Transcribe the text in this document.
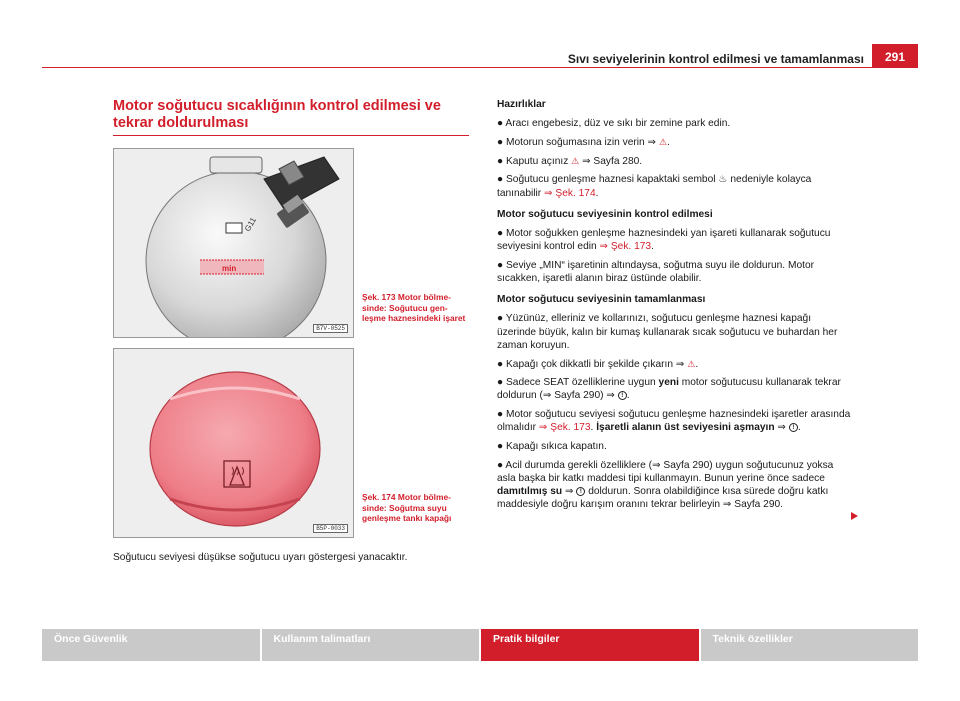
Sıvı seviyelerinin kontrol edilmesi ve tamamlanması	291
Motor soğutucu sıcaklığının kontrol edilmesi ve tekrar doldurulması
G11
min
B7V-0525
Şek. 173 Motor bölme-sinde: Soğutucu gen-leşme haznesindeki işaret
B5P-0033
Şek. 174 Motor bölme-sinde: Soğutma suyu genleşme tankı kapağı
Soğutucu seviyesi düşükse soğutucu uyarı göstergesi yanacaktır.
Hazırlıklar

● Aracı engebesiz, düz ve sıkı bir zemine park edin.

● Motorun soğumasına izin verin ⇒ ⚠.

● Kaputu açınız ⚠ ⇒ Sayfa 280.

● Soğutucu genleşme haznesi kapaktaki sembol ♨ nedeniyle kolayca tanınabilir ⇒ Şek. 174.

Motor soğutucu seviyesinin kontrol edilmesi

● Motor soğukken genleşme haznesindeki yan işareti kullanarak soğutucu seviyesini kontrol edin ⇒ Şek. 173.

● Seviye „MIN“ işaretinin altındaysa, soğutma suyu ile doldurun. Motor sıcakken, işaretli alanın biraz üstünde olabilir.

Motor soğutucu seviyesinin tamamlanması

● Yüzünüz, elleriniz ve kollarınızı, soğutucu genleşme haznesi kapağı üzerinde büyük, kalın bir kumaş kullanarak sıcak soğutucu ve buhardan her zaman koruyun.

● Kapağı çok dikkatli bir şekilde çıkarın ⇒ ⚠.

● Sadece SEAT özelliklerine uygun yeni motor soğutucusu kullanarak tekrar doldurun (⇒ Sayfa 290) ⇒ ! .

● Motor soğutucu seviyesi soğutucu genleşme haznesindeki işaretler arasında olmalıdır ⇒ Şek. 173. İşaretli alanın üst seviyesini aşmayın ⇒ ! .

● Kapağı sıkıca kapatın.

● Acil durumda gerekli özelliklere (⇒ Sayfa 290) uygun soğutucunuz yoksa asla başka bir katkı maddesi tipi kullanmayın. Bunun yerine önce sadece damıtılmış su ⇒ ! doldurun. Sonra olabildiğince kısa sürede doğru katkı maddesiyle doğru karışım oranını tekrar belirleyin ⇒ Sayfa 290.

Önce Güvenlik	Kullanım talimatları	Pratik bilgiler	Teknik özellikler
